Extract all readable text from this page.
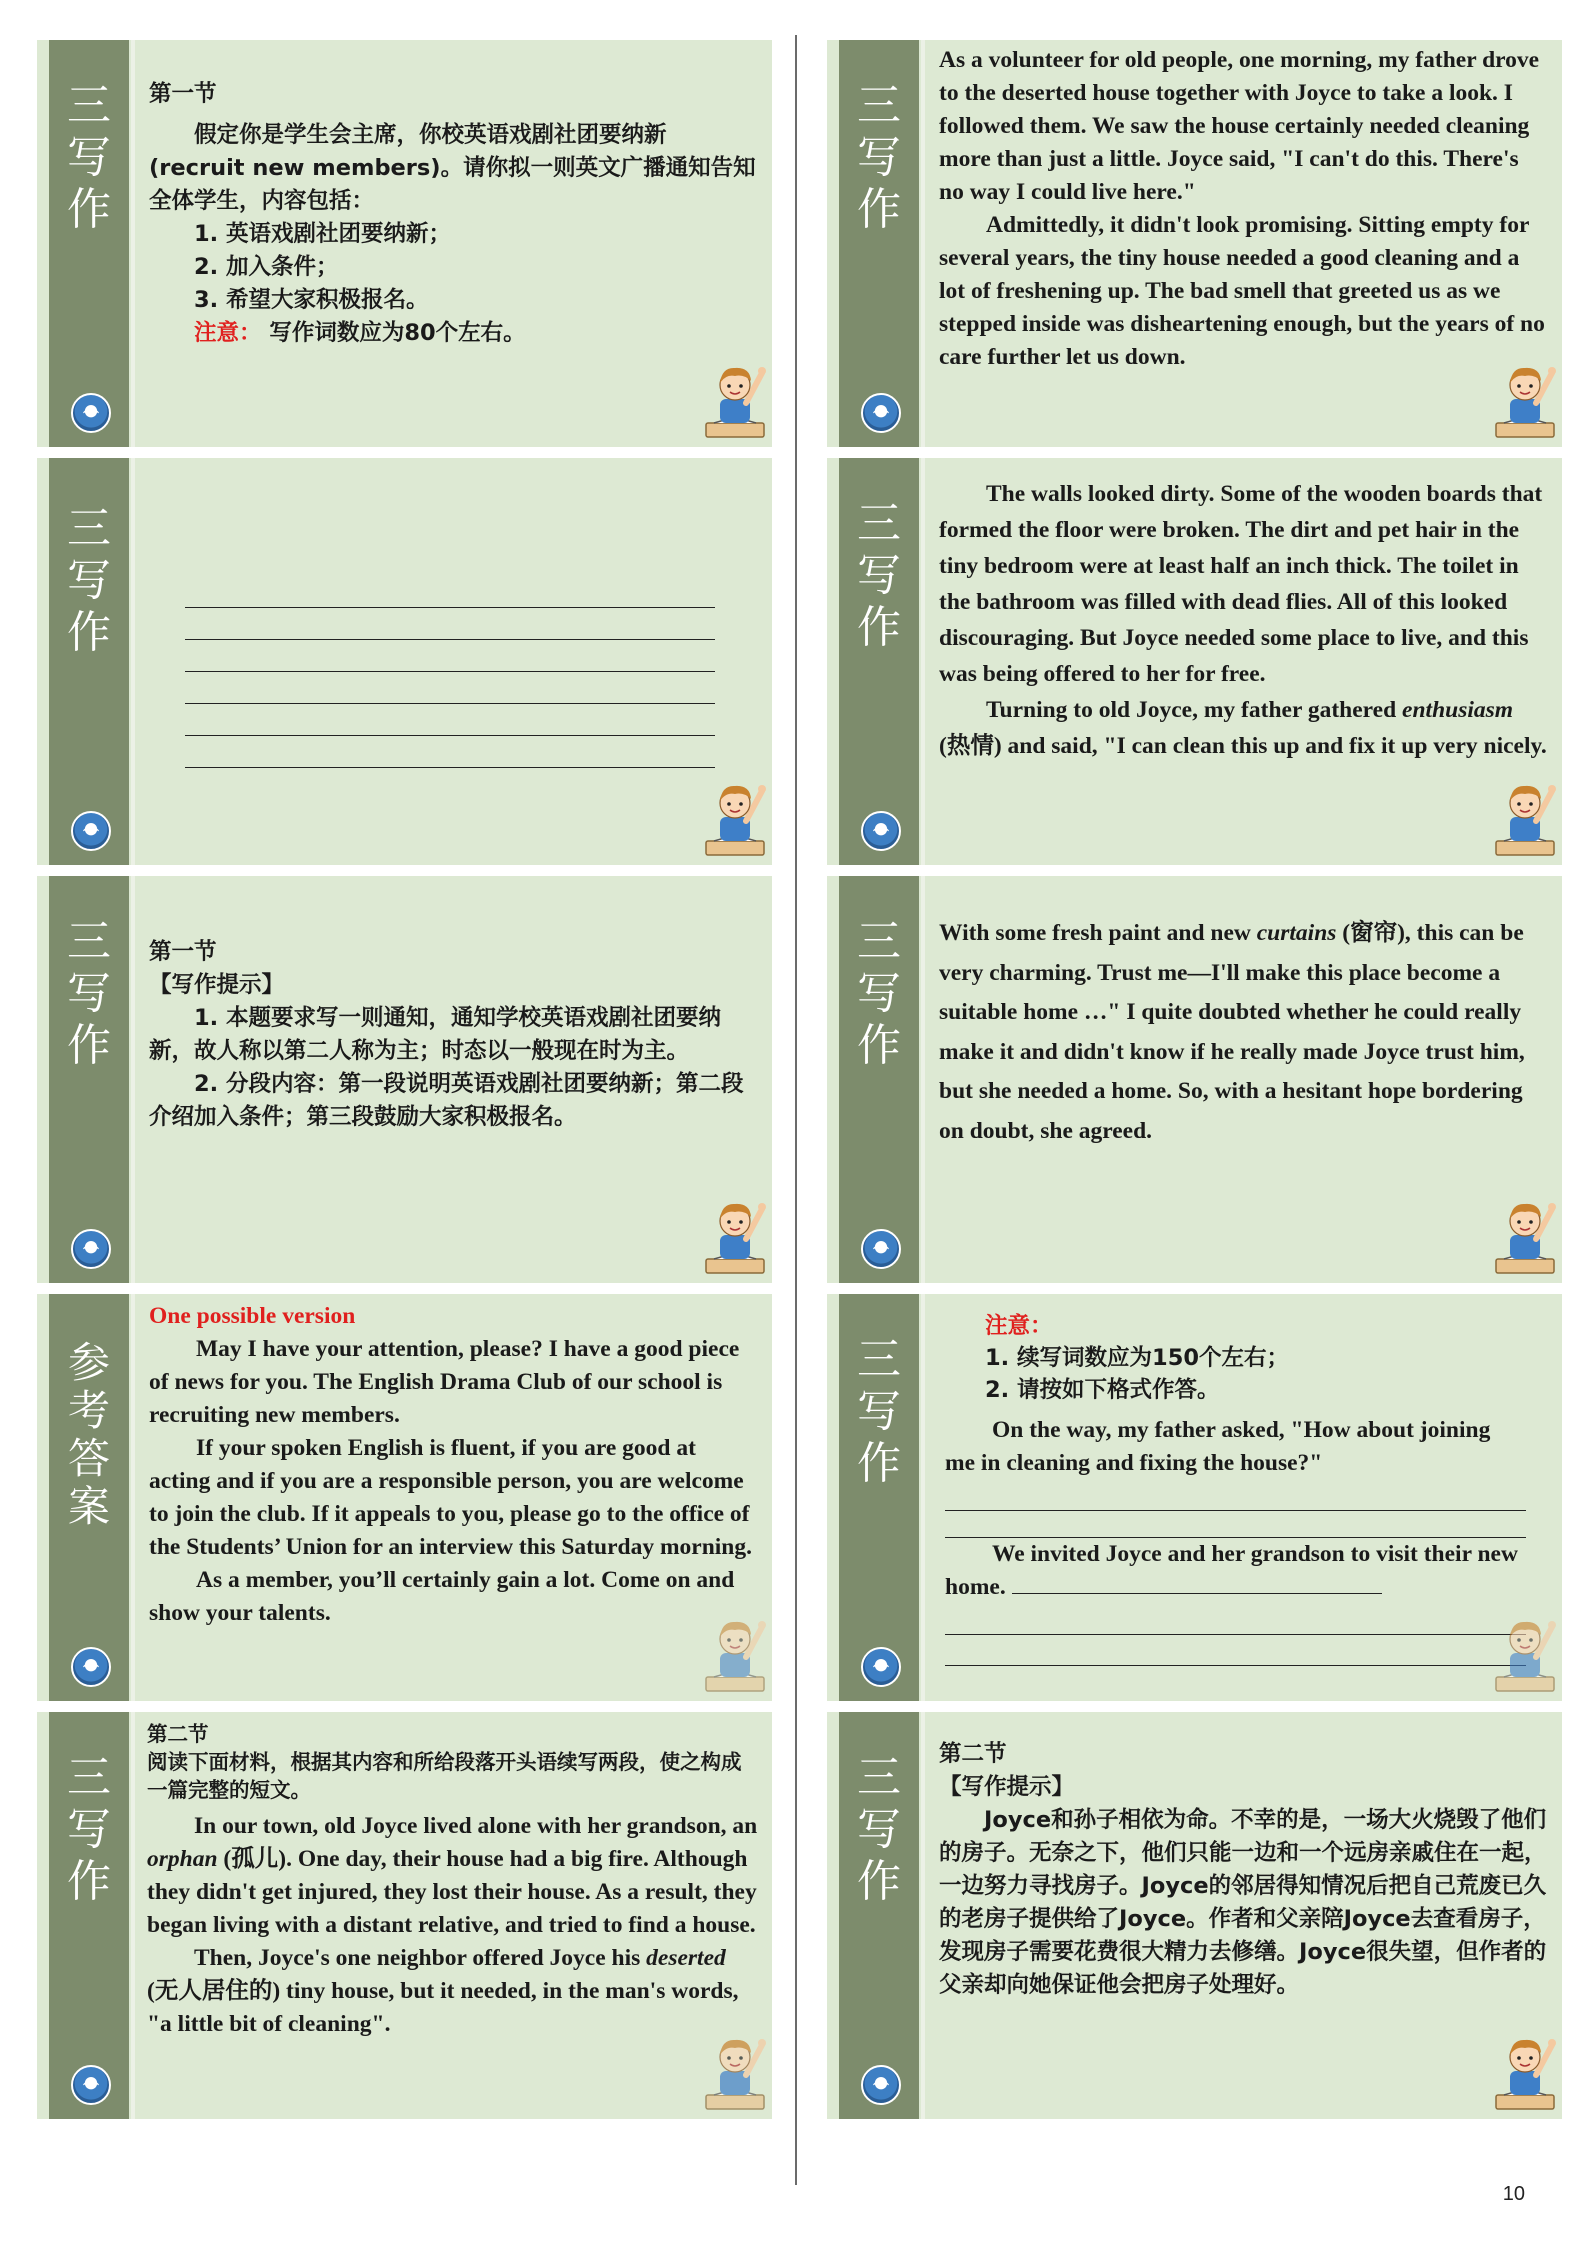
三
写
作
第一节
假定你是学生会主席，你校英语戏剧社团要纳新(recruit new members)。请你拟一则英文广播通知告知全体学生，内容包括：
1. 英语戏剧社团要纳新；
2. 加入条件；
3. 希望大家积极报名。
注意： 写作词数应为80个左右。
三
写
作
三
写
作
第一节
【写作提示】
1. 本题要求写一则通知，通知学校英语戏剧社团要纳新，故人称以第二人称为主；时态以一般现在时为主。
2. 分段内容：第一段说明英语戏剧社团要纳新；第二段介绍加入条件；第三段鼓励大家积极报名。
参
考
答
案
One possible version
May I have your attention, please? I have a good piece of news for you. The English Drama Club of our school is recruiting new members.
If your spoken English is fluent, if you are good at acting and if you are a responsible person, you are welcome to join the club. If it appeals to you, please go to the office of the Students’ Union for an interview this Saturday morning.
As a member, you’ll certainly gain a lot. Come on and show your talents.
三
写
作
第二节
阅读下面材料，根据其内容和所给段落开头语续写两段，使之构成一篇完整的短文。
In our town, old Joyce lived alone with her grandson, an orphan (孤儿). One day, their house had a big fire. Although they didn't get injured, they lost their house. As a result, they began living with a distant relative, and tried to find a house.
Then, Joyce's one neighbor offered Joyce his deserted (无人居住的) tiny house, but it needed, in the man's words, "a little bit of cleaning".
三
写
作
As a volunteer for old people, one morning, my father drove to the deserted house together with Joyce to take a look. I followed them. We saw the house certainly needed cleaning more than just a little. Joyce said, "I can't do this. There's no way I could live here."
Admittedly, it didn't look promising. Sitting empty for several years, the tiny house needed a good cleaning and a lot of freshening up. The bad smell that greeted us as we stepped inside was disheartening enough, but the years of no care further let us down.
三
写
作
The walls looked dirty. Some of the wooden boards that formed the floor were broken. The dirt and pet hair in the tiny bedroom were at least half an inch thick. The toilet in the bathroom was filled with dead flies. All of this looked discouraging. But Joyce needed some place to live, and this was being offered to her for free.
Turning to old Joyce, my father gathered enthusiasm (热情) and said, "I can clean this up and fix it up very nicely.
三
写
作
With some fresh paint and new curtains (窗帘), this can be very charming. Trust me—I'll make this place become a suitable home …" I quite doubted whether he could really make it and didn't know if he really made Joyce trust him, but she needed a home. So, with a hesitant hope bordering on doubt, she agreed.
三
写
作
注意：
1. 续写词数应为150个左右；
2. 请按如下格式作答。
On the way, my father asked, "How about joining me in cleaning and fixing the house?"
We invited Joyce and her grandson to visit their new home.
三
写
作
第二节
【写作提示】
Joyce和孙子相依为命。不幸的是，一场大火烧毁了他们的房子。无奈之下，他们只能一边和一个远房亲戚住在一起，一边努力寻找房子。Joyce的邻居得知情况后把自己荒废已久的老房子提供给了Joyce。作者和父亲陪Joyce去查看房子，发现房子需要花费很大精力去修缮。Joyce很失望，但作者的父亲却向她保证他会把房子处理好。
10
